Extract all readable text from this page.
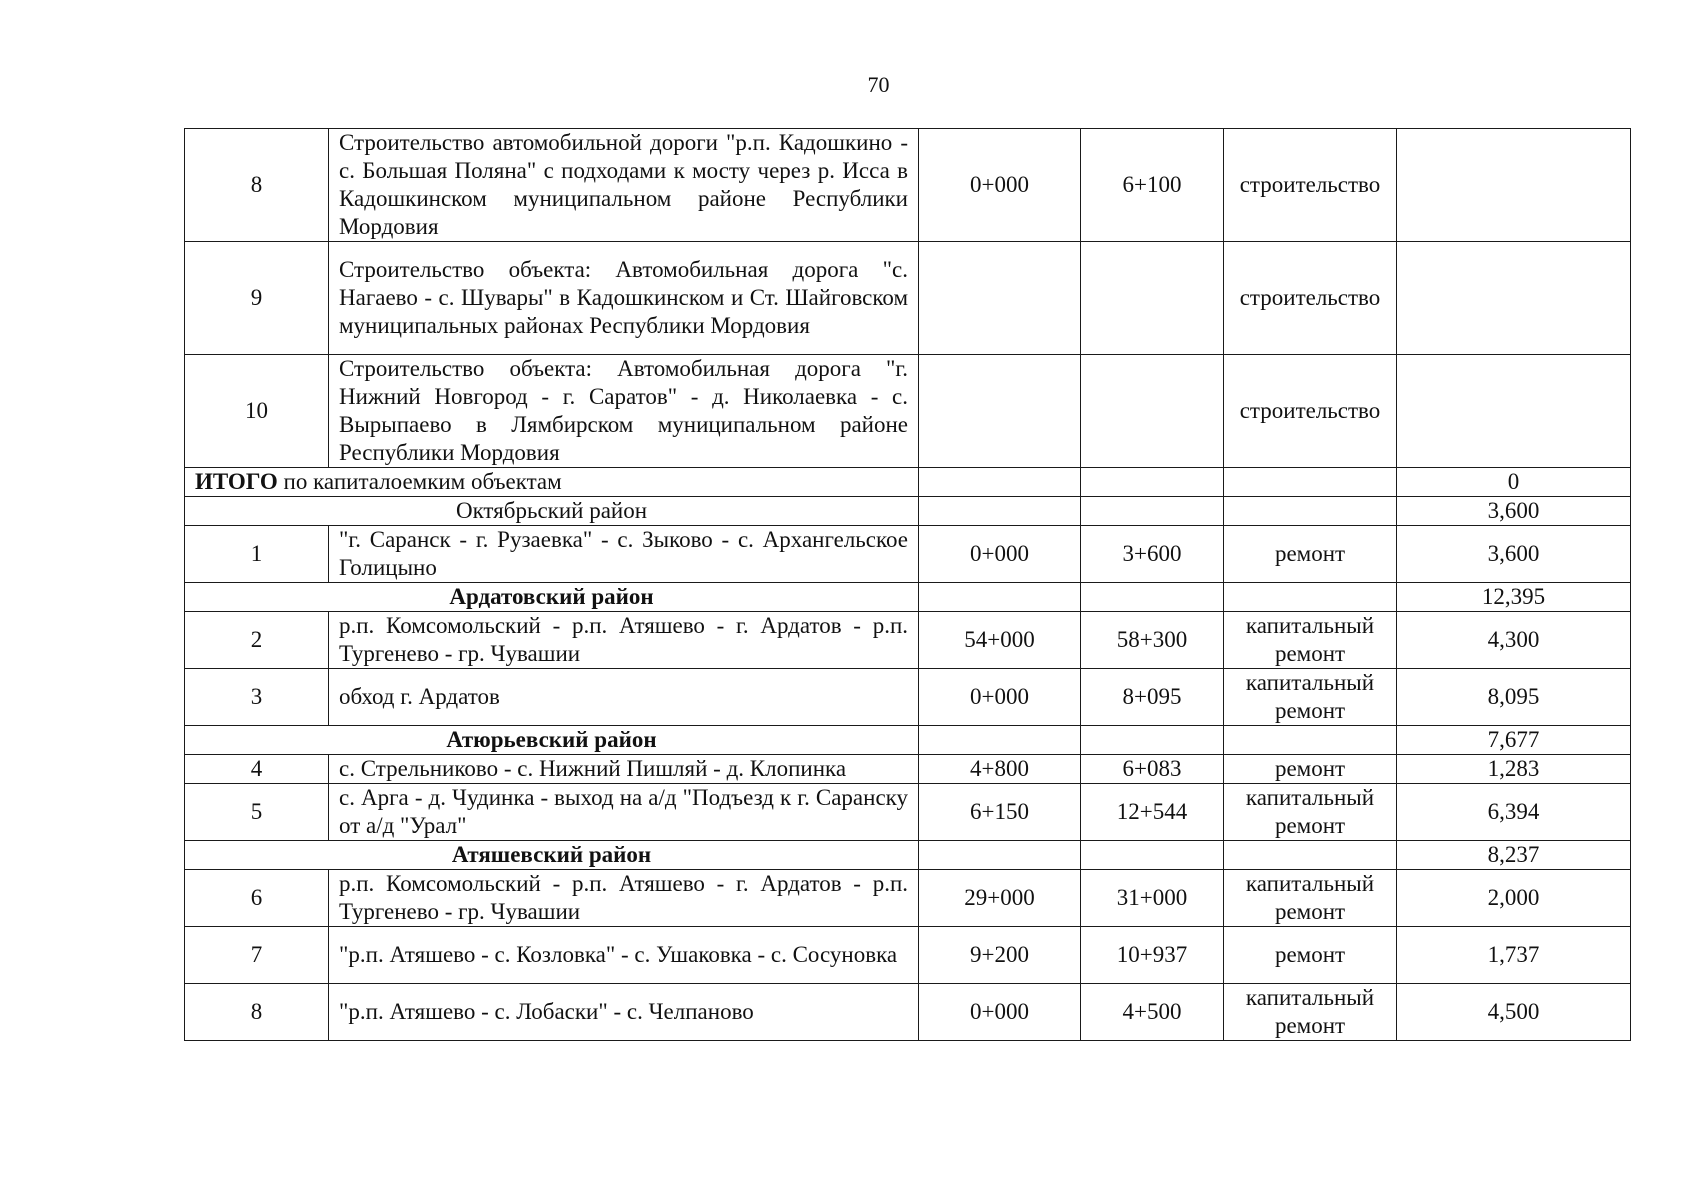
70
8	Строительство автомобильной дороги "р.п. Кадошкино - с. Большая Поляна" с подходами к мосту через р. Исса в Кадошкинском муниципальном районе Республики Мордовия	0+000	6+100	строительство	
9	Строительство объекта: Автомобильная дорога "с. Нагаево - с. Шувары" в Кадошкинском и Ст. Шайговском муниципальных районах Республики Мордовия			строительство	
10	Строительство объекта: Автомобильная дорога "г. Нижний Новгород - г. Саратов" - д. Николаевка - с. Вырыпаево в Лямбирском муниципальном районе Республики Мордовия			строительство	
ИТОГО по капиталоемким объектам					0
Октябрьский район					3,600
1	"г. Саранск - г. Рузаевка" - с. Зыково - с. Архангельское Голицыно	0+000	3+600	ремонт	3,600
Ардатовский район					12,395
2	р.п. Комсомольский - р.п. Атяшево - г. Ардатов - р.п. Тургенево - гр. Чувашии	54+000	58+300	капитальный ремонт	4,300
3	обход г. Ардатов	0+000	8+095	капитальный ремонт	8,095
Атюрьевский район					7,677
4	с. Стрельниково - с. Нижний Пишляй - д. Клопинка	4+800	6+083	ремонт	1,283
5	с. Арга - д. Чудинка - выход на а/д "Подъезд к г. Саранску от а/д "Урал"	6+150	12+544	капитальный ремонт	6,394
Атяшевский район					8,237
6	р.п. Комсомольский - р.п. Атяшево - г. Ардатов - р.п. Тургенево - гр. Чувашии	29+000	31+000	капитальный ремонт	2,000
7	"р.п. Атяшево - с. Козловка" - с. Ушаковка - с. Сосуновка	9+200	10+937	ремонт	1,737
8	"р.п. Атяшево - с. Лобаски" - с. Челпаново	0+000	4+500	капитальный ремонт	4,500
